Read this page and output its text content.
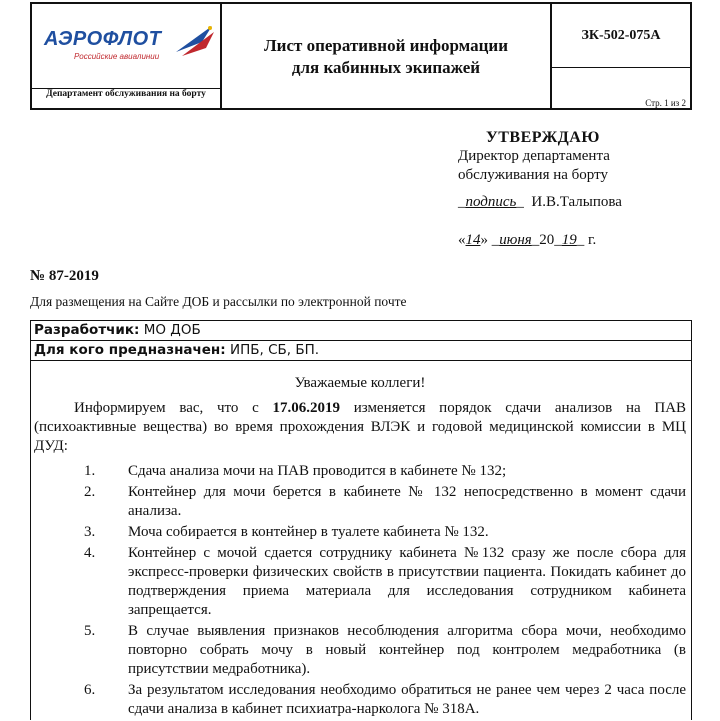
АЭРОФЛОТ
Российские авиалинии
Департамент обслуживания на борту
Лист оперативной информации
для кабинных экипажей
ЗК-502-075А
Стр. 1 из 2
УТВЕРЖДАЮ
Директор департамента
обслуживания на борту
_подпись_  И.В.Талыпова
«14» _июня_20_19_ г.
№ 87-2019
Для размещения на Сайте ДОБ и рассылки по электронной почте
Разработчик: МО ДОБ
Для кого предназначен: ИПБ, СБ, БП.
Уважаемые коллеги!

Информируем вас, что с 17.06.2019 изменяется порядок сдачи анализов на ПАВ (психоактивные вещества) во время прохождения ВЛЭК и годовой медицинской комиссии в МЦ ДУД:

1. Сдача анализа мочи на ПАВ проводится в кабинете № 132;
2. Контейнер для мочи берется в кабинете № 132 непосредственно в момент сдачи анализа.
3. Моча собирается в контейнер в туалете кабинета № 132.
4. Контейнер с мочой сдается сотруднику кабинета №132 сразу же после сбора для экспресс-проверки физических свойств в присутствии пациента. Покидать кабинет до подтверждения приема материала для исследования сотрудником кабинета запрещается.
5. В случае выявления признаков несоблюдения алгоритма сбора мочи, необходимо повторно собрать мочу в новый контейнер под контролем медработника (в присутствии медработника).
6. За результатом исследования необходимо обратиться не ранее чем через 2 часа после сдачи анализа в кабинет психиатра-нарколога № 318А.
